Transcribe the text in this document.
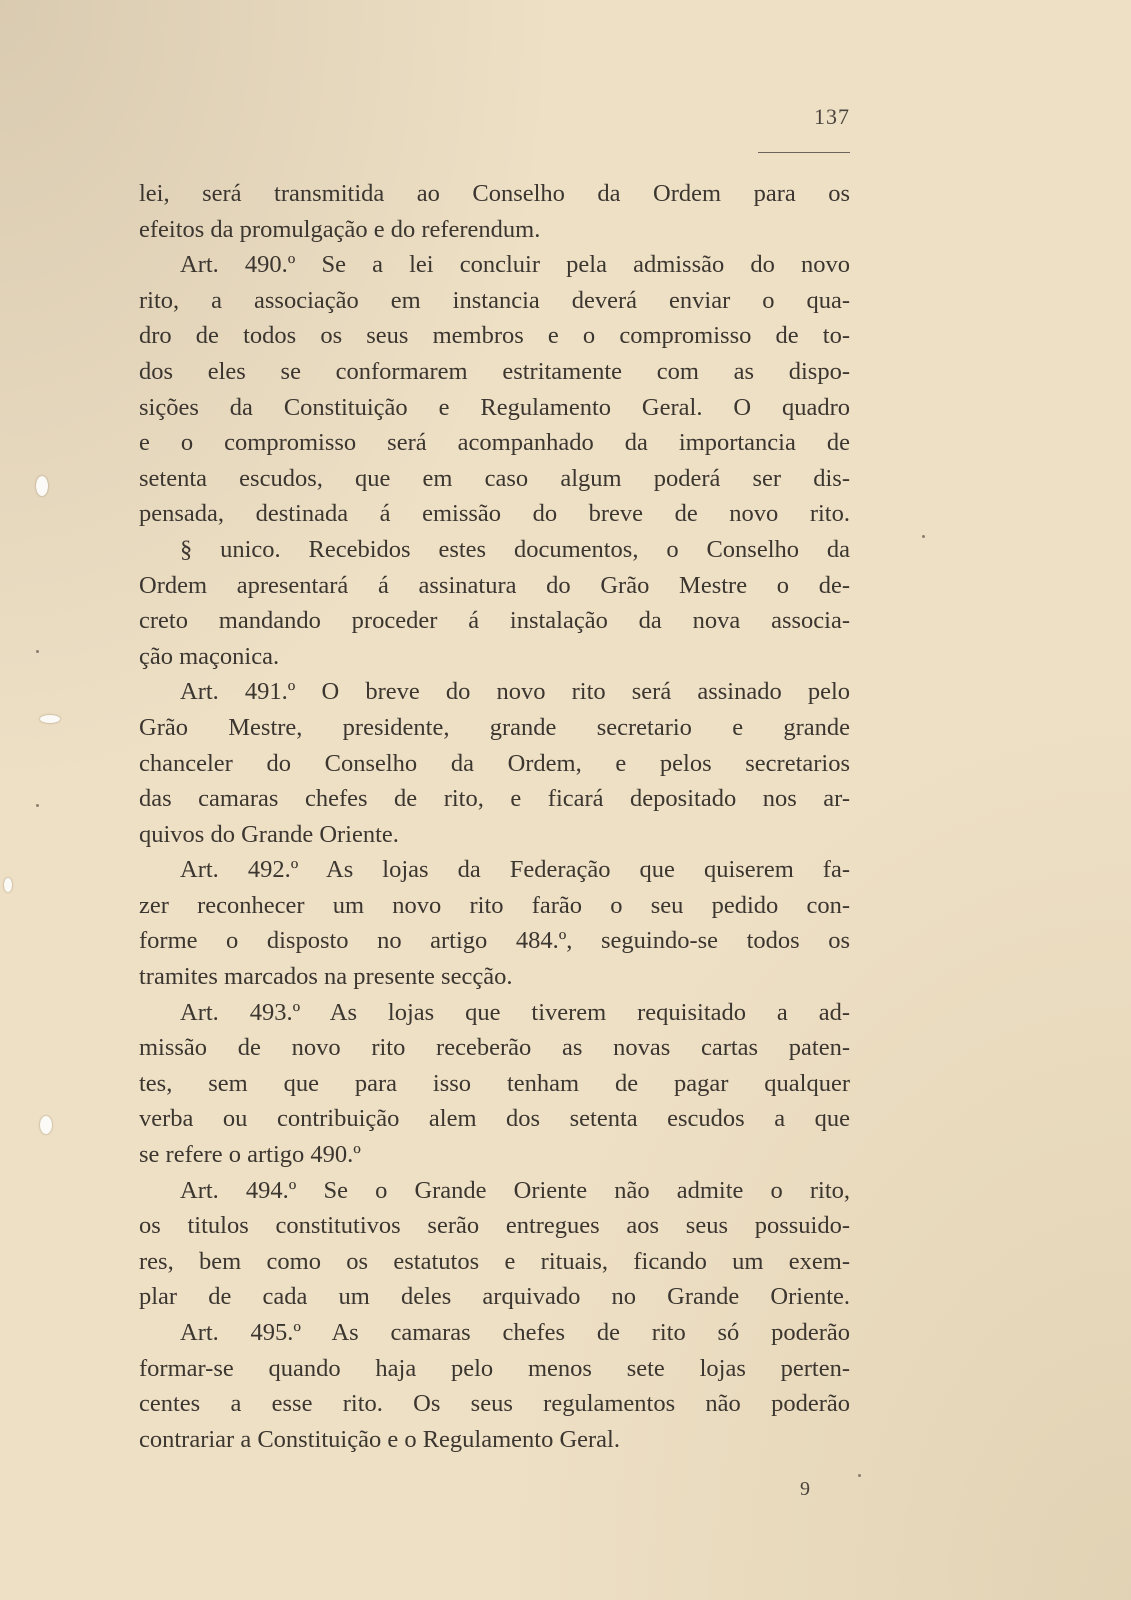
137
lei, será transmitida ao Conselho da Ordem para os
efeitos da promulgação e do referendum.
Art. 490.º Se a lei concluir pela admissão do novo
rito, a associação em instancia deverá enviar o qua-
dro de todos os seus membros e o compromisso de to-
dos eles se conformarem estritamente com as dispo-
sições da Constituição e Regulamento Geral. O quadro
e o compromisso será acompanhado da importancia de
setenta escudos, que em caso algum poderá ser dis-
pensada, destinada á emissão do breve de novo rito.
§ unico. Recebidos estes documentos, o Conselho da
Ordem apresentará á assinatura do Grão Mestre o de-
creto mandando proceder á instalação da nova associa-
ção maçonica.
Art. 491.º O breve do novo rito será assinado pelo
Grão Mestre, presidente, grande secretario e grande
chanceler do Conselho da Ordem, e pelos secretarios
das camaras chefes de rito, e ficará depositado nos ar-
quivos do Grande Oriente.
Art. 492.º As lojas da Federação que quiserem fa-
zer reconhecer um novo rito farão o seu pedido con-
forme o disposto no artigo 484.º, seguindo-se todos os
tramites marcados na presente secção.
Art. 493.º As lojas que tiverem requisitado a ad-
missão de novo rito receberão as novas cartas paten-
tes, sem que para isso tenham de pagar qualquer
verba ou contribuição alem dos setenta escudos a que
se refere o artigo 490.º
Art. 494.º Se o Grande Oriente não admite o rito,
os titulos constitutivos serão entregues aos seus possuido-
res, bem como os estatutos e rituais, ficando um exem-
plar de cada um deles arquivado no Grande Oriente.
Art. 495.º As camaras chefes de rito só poderão
formar-se quando haja pelo menos sete lojas perten-
centes a esse rito. Os seus regulamentos não poderão
contrariar a Constituição e o Regulamento Geral.
9
